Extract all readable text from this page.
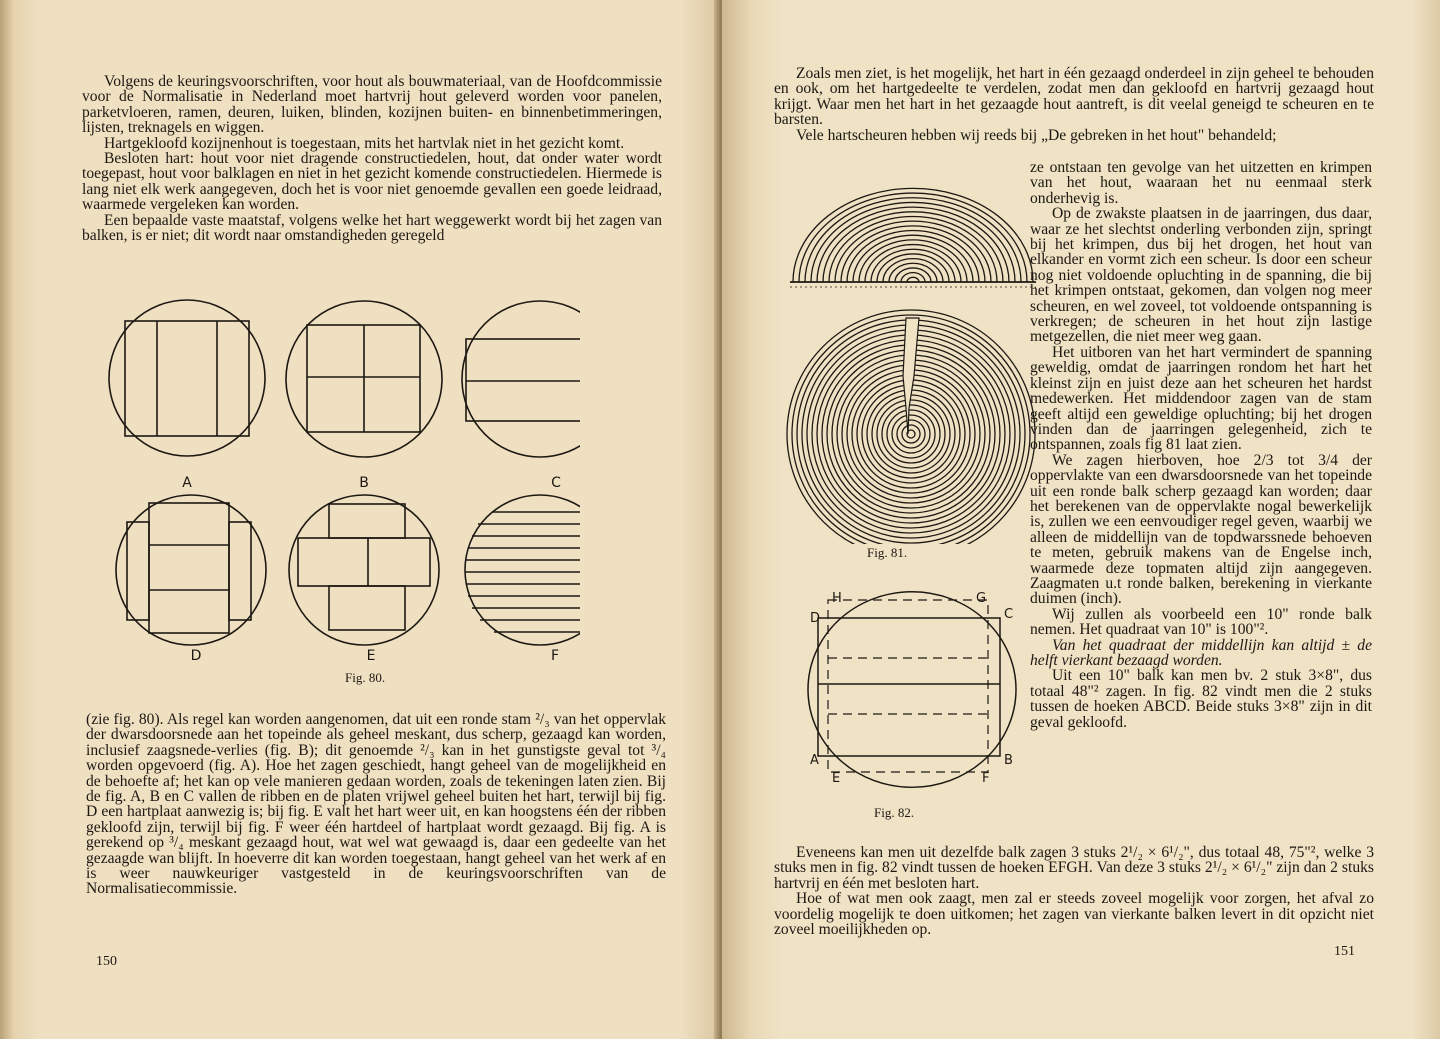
Volgens de keuringsvoorschriften, voor hout als bouwmateriaal, van de Hoofdcommissie voor de Normalisatie in Nederland moet hartvrij hout geleverd worden voor panelen, parketvloeren, ramen, deuren, luiken, blinden, kozijnen buiten- en binnenbetimmeringen, lijsten, treknagels en wiggen.

Hartgekloofd kozijnenhout is toegestaan, mits het hartvlak niet in het gezicht komt.

Besloten hart: hout voor niet dragende constructiedelen, hout, dat onder water wordt toegepast, hout voor balklagen en niet in het gezicht komende constructiedelen. Hiermede is lang niet elk werk aangegeven, doch het is voor niet genoemde gevallen een goede leidraad, waarmede vergeleken kan worden.

Een bepaalde vaste maatstaf, volgens welke het hart weggewerkt wordt bij het zagen van balken, is er niet; dit wordt naar omstandigheden geregeld

A	B	C
D	E	F
Fig. 80.

(zie fig. 80). Als regel kan worden aangenomen, dat uit een ronde stam ²/₃ van het oppervlak der dwarsdoorsnede aan het topeinde als geheel meskant, dus scherp, gezaagd kan worden, inclusief zaagsnede-verlies (fig. B); dit genoemde ²/₃ kan in het gunstigste geval tot ³/₄ worden opgevoerd (fig. A). Hoe het zagen geschiedt, hangt geheel van de mogelijkheid en de behoefte af; het kan op vele manieren gedaan worden, zoals de tekeningen laten zien. Bij de fig. A, B en C vallen de ribben en de platen vrijwel geheel buiten het hart, terwijl bij fig. D een hartplaat aanwezig is; bij fig. E valt het hart weer uit, en kan hoogstens één der ribben gekloofd zijn, terwijl bij fig. F weer één hartdeel of hartplaat wordt gezaagd. Bij fig. A is gerekend op ³/₄ meskant gezaagd hout, wat wel wat gewaagd is, daar een gedeelte van het gezaagde wan blijft. In hoeverre dit kan worden toegestaan, hangt geheel van het werk af en is weer nauwkeuriger vastgesteld in de keuringsvoorschriften van de Normalisatiecommissie.

150

Zoals men ziet, is het mogelijk, het hart in één gezaagd onderdeel in zijn geheel te behouden en ook, om het hartgedeelte te verdelen, zodat men dan gekloofd en hartvrij gezaagd hout krijgt. Waar men het hart in het gezaagde hout aantreft, is dit veelal geneigd te scheuren en te barsten.

Vele hartscheuren hebben wij reeds bij „De gebreken in het hout" behandeld;

Fig. 81.
H	G
D	C
A	B
E	F
Fig. 82.

ze ontstaan ten gevolge van het uitzetten en krimpen van het hout, waaraan het nu eenmaal sterk onderhevig is.

Op de zwakste plaatsen in de jaarringen, dus daar, waar ze het slechtst onderling verbonden zijn, springt bij het krimpen, dus bij het drogen, het hout van elkander en vormt zich een scheur. Is door een scheur nog niet voldoende opluchting in de spanning, die bij het krimpen ontstaat, gekomen, dan volgen nog meer scheuren, en wel zoveel, tot voldoende ontspanning is verkregen; de scheuren in het hout zijn lastige metgezellen, die niet meer weg gaan.

Het uitboren van het hart vermindert de spanning geweldig, omdat de jaarringen rondom het hart het kleinst zijn en juist deze aan het scheuren het hardst medewerken. Het middendoor zagen van de stam geeft altijd een geweldige opluchting; bij het drogen vinden dan de jaarringen gelegenheid, zich te ontspannen, zoals fig 81 laat zien.

We zagen hierboven, hoe 2/3 tot 3/4 der oppervlakte van een dwarsdoorsnede van het topeinde uit een ronde balk scherp gezaagd kan worden; daar het berekenen van de oppervlakte nogal bewerkelijk is, zullen we een eenvoudiger regel geven, waarbij we alleen de middellijn van de topdwarssnede behoeven te meten, gebruik makens van de Engelse inch, waarmede deze topmaten altijd zijn aangegeven. Zaagmaten u.t ronde balken, berekening in vierkante duimen (inch).

Wij zullen als voorbeeld een 10" ronde balk nemen. Het quadraat van 10" is 100"².

Van het quadraat der middellijn kan altijd ± de helft vierkant bezaagd worden.

Uit een 10" balk kan men bv. 2 stuk 3×8", dus totaal 48"² zagen. In fig. 82 vindt men die 2 stuks tussen de hoeken ABCD. Beide stuks 3×8" zijn in dit geval gekloofd.

Eveneens kan men uit dezelfde balk zagen 3 stuks 2¹/₂ × 6¹/₂", dus totaal 48, 75"², welke 3 stuks men in fig. 82 vindt tussen de hoeken EFGH. Van deze 3 stuks 2¹/₂ × 6¹/₂" zijn dan 2 stuks hartvrij en één met besloten hart.

Hoe of wat men ook zaagt, men zal er steeds zoveel mogelijk voor zorgen, het afval zo voordelig mogelijk te doen uitkomen; het zagen van vierkante balken levert in dit opzicht niet zoveel moeilijkheden op.

151
